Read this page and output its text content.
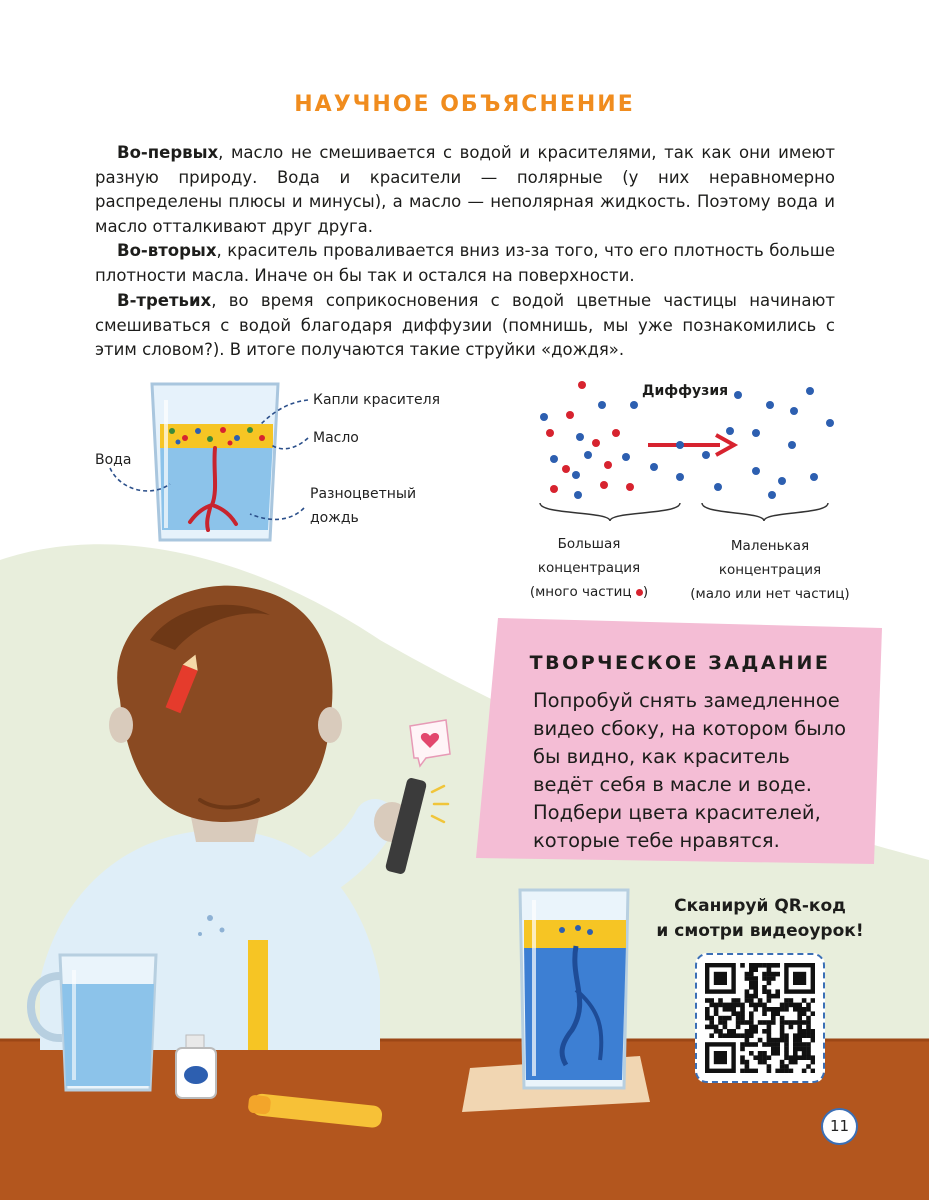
НАУЧНОЕ ОБЪЯСНЕНИЕ

Во-первых, масло не смешивается с водой и красителями, так как они имеют разную природу. Вода и красители — полярные (у них неравномерно распределены плюсы и минусы), а масло — неполярная жидкость. Поэтому вода и масло отталкивают друг друга.

Во-вторых, краситель проваливается вниз из-за того, что его плотность больше плотности масла. Иначе он бы так и остался на поверхности.

В-третьих, во время соприкосновения с водой цветные частицы начинают смешиваться с водой благодаря диффузии (помнишь, мы уже познакомились с этим словом?). В итоге получаются такие струйки «дождя».

Капли красителя
Масло
Вода
Разноцветный
дождь
Диффузия
Большая
концентрация
(много частиц )
Маленькая
концентрация
(мало или нет частиц)
ТВОРЧЕСКОЕ ЗАДАНИЕ
Попробуй снять замедленное видео сбоку, на котором было бы видно, как краситель ведёт себя в масле и воде. Подбери цвета красителей, которые тебе нравятся.
Сканируй QR-код
и смотри видеоурок!
11
